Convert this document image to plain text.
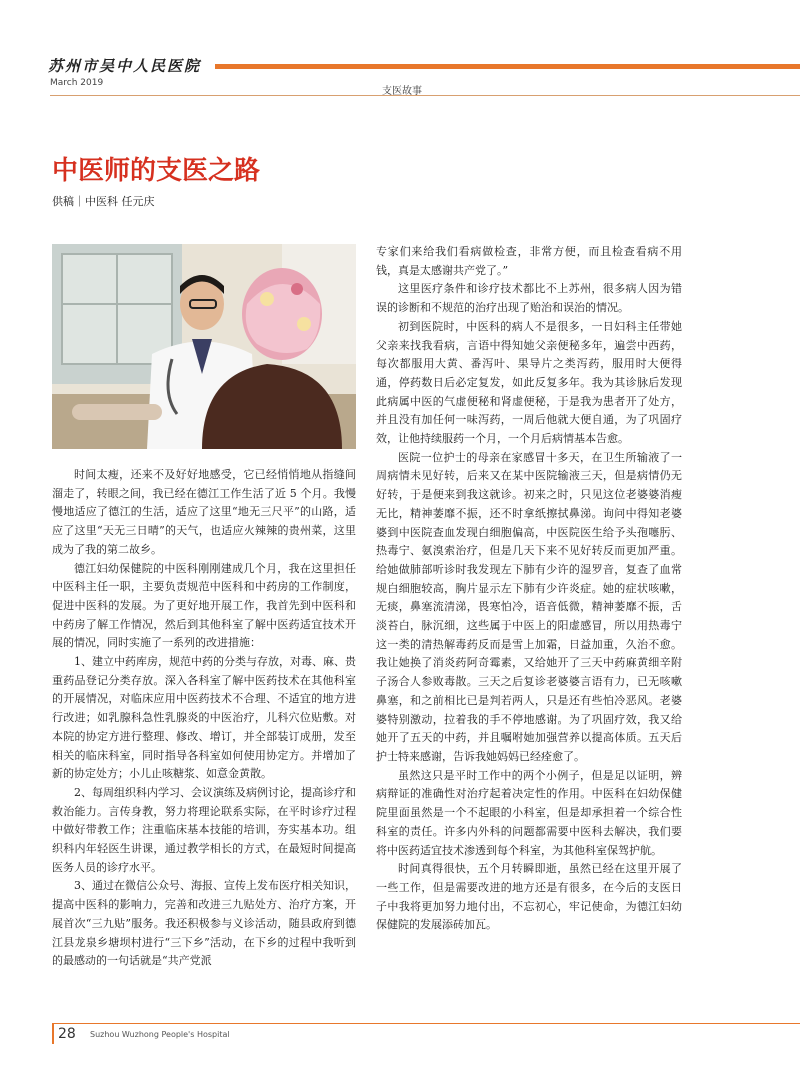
苏州市吴中人民医院
March 2019
支医故事
中医师的支医之路
供稿｜中医科 任元庆

时间太瘦，还来不及好好地感受，它已经悄悄地从指缝间溜走了，转眼之间，我已经在德江工作生活了近 5 个月。我慢慢地适应了德江的生活，适应了这里“地无三尺平”的山路，适应了这里“天无三日晴”的天气，也适应火辣辣的贵州菜，这里成为了我的第二故乡。

德江妇幼保健院的中医科刚刚建成几个月，我在这里担任中医科主任一职，主要负责规范中医科和中药房的工作制度，促进中医科的发展。为了更好地开展工作，我首先到中医科和中药房了解工作情况，然后到其他科室了解中医药适宜技术开展的情况，同时实施了一系列的改进措施：

1、建立中药库房，规范中药的分类与存放，对毒、麻、贵重药品登记分类存放。深入各科室了解中医药技术在其他科室的开展情况，对临床应用中医药技术不合理、不适宜的地方进行改进；如乳腺科急性乳腺炎的中医治疗，儿科穴位贴敷。对本院的协定方进行整理、修改、增订，并全部装订成册，发至相关的临床科室，同时指导各科室如何使用协定方。并增加了新的协定处方；小儿止咳糖浆、如意金黄散。

2、每周组织科内学习、会议演练及病例讨论，提高诊疗和救治能力。言传身教，努力将理论联系实际，在平时诊疗过程中做好带教工作；注重临床基本技能的培训，夯实基本功。组织科内年轻医生讲课，通过教学相长的方式，在最短时间提高医务人员的诊疗水平。

3、通过在微信公众号、海报、宣传上发布医疗相关知识，提高中医科的影响力，完善和改进三九贴处方、治疗方案，开展首次“三九贴”服务。我还积极参与义诊活动，随县政府到德江县龙泉乡塘坝村进行“三下乡”活动，在下乡的过程中我听到的最感动的一句话就是“共产党派

专家们来给我们看病做检查，非常方便，而且检查看病不用钱，真是太感谢共产党了。”

这里医疗条件和诊疗技术都比不上苏州，很多病人因为错误的诊断和不规范的治疗出现了贻治和误治的情况。

初到医院时，中医科的病人不是很多，一日妇科主任带她父亲来找我看病，言语中得知她父亲便秘多年，遍尝中西药，每次都服用大黄、番泻叶、果导片之类泻药，服用时大便得通，停药数日后必定复发，如此反复多年。我为其诊脉后发现此病属中医的气虚便秘和肾虚便秘，于是我为患者开了处方，并且没有加任何一味泻药，一周后他就大便自通，为了巩固疗效，让他持续服药一个月，一个月后病情基本告愈。

医院一位护士的母亲在家感冒十多天，在卫生所输液了一周病情未见好转，后来又在某中医院输液三天，但是病情仍无好转，于是便来到我这就诊。初来之时，只见这位老婆婆消瘦无比，精神萎靡不振，还不时拿纸擦拭鼻涕。询问中得知老婆婆到中医院查血发现白细胞偏高，中医院医生给予头孢噻肟、热毒宁、氨溴索治疗，但是几天下来不见好转反而更加严重。给她做肺部听诊时我发现左下肺有少许的湿罗音，复查了血常规白细胞较高，胸片显示左下肺有少许炎症。她的症状咳嗽，无痰，鼻塞流清涕，畏寒怕冷，语音低微，精神萎靡不振，舌淡苔白，脉沉细，这些属于中医上的阳虚感冒，所以用热毒宁这一类的清热解毒药反而是雪上加霜，日益加重，久治不愈。我让她换了消炎药阿奇霉素，又给她开了三天中药麻黄细辛附子汤合人参败毒散。三天之后复诊老婆婆言语有力，已无咳嗽鼻塞，和之前相比已是判若两人，只是还有些怕冷恶风。老婆婆特别激动，拉着我的手不停地感谢。为了巩固疗效，我又给她开了五天的中药，并且嘱咐她加强营养以提高体质。五天后护士特来感谢，告诉我她妈妈已经痊愈了。

虽然这只是平时工作中的两个小例子，但是足以证明，辨病辩证的准确性对治疗起着决定性的作用。中医科在妇幼保健院里面虽然是一个不起眼的小科室，但是却承担着一个综合性科室的责任。许多内外科的问题都需要中医科去解决，我们要将中医药适宜技术渗透到每个科室，为其他科室保驾护航。

时间真得很快，五个月转瞬即逝，虽然已经在这里开展了一些工作，但是需要改进的地方还是有很多，在今后的支医日子中我将更加努力地付出，不忘初心，牢记使命，为德江妇幼保健院的发展添砖加瓦。

28 Suzhou Wuzhong People's Hospital
